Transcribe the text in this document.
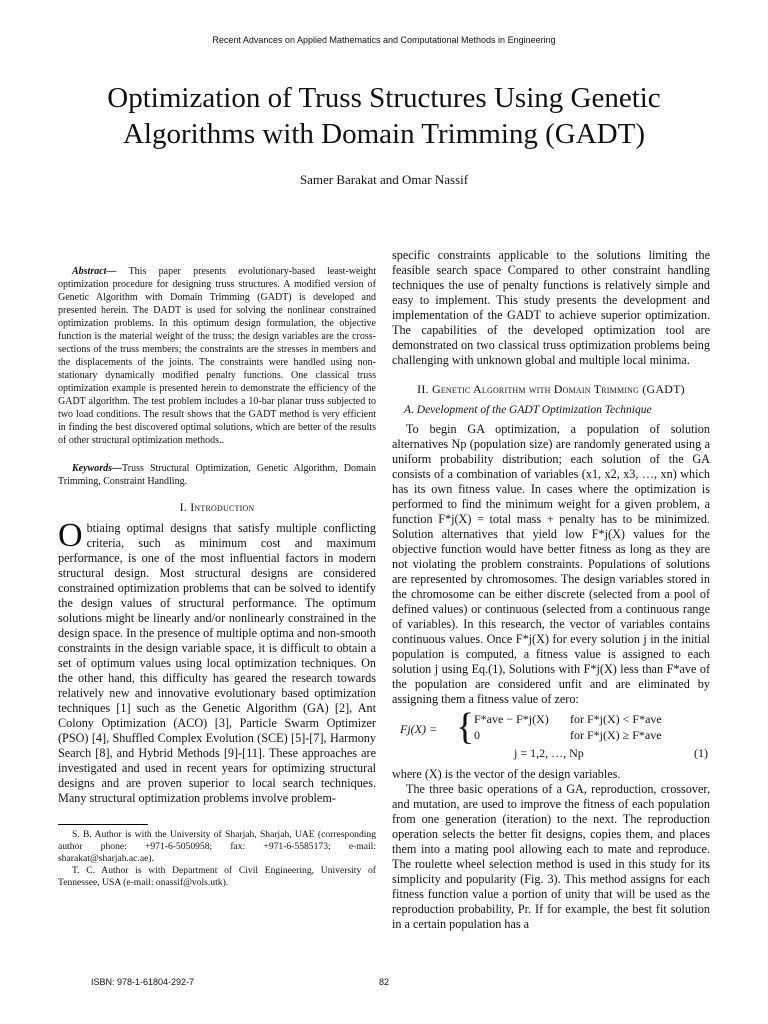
Recent Advances on Applied Mathematics and Computational Methods in Engineering
Optimization of Truss Structures Using Genetic Algorithms with Domain Trimming (GADT)
Samer Barakat and Omar Nassif

Abstract— This paper presents evolutionary-based least-weight optimization procedure for designing truss structures. A modified version of Genetic Algorithm with Domain Trimming (GADT) is developed and presented herein. The DADT is used for solving the nonlinear constrained optimization problems. In this optimum design formulation, the objective function is the material weight of the truss; the design variables are the cross-sections of the truss members; the constraints are the stresses in members and the displacements of the joints. The constraints were handled using non-stationary dynamically modified penalty functions. One classical truss optimization example is presented herein to demonstrate the efficiency of the GADT algorithm. The test problem includes a 10-bar planar truss subjected to two load conditions. The result shows that the GADT method is very efficient in finding the best discovered optimal solutions, which are better of the results of other structural optimization methods..

Keywords—Truss Structural Optimization, Genetic Algorithm, Domain Trimming, Constraint Handling.

I. Introduction

Obtiaing optimal designs that satisfy multiple conflicting criteria, such as minimum cost and maximum performance, is one of the most influential factors in modern structural design. Most structural designs are considered constrained optimization problems that can be solved to identify the design values of structural performance. The optimum solutions might be linearly and/or nonlinearly constrained in the design space. In the presence of multiple optima and non-smooth constraints in the design variable space, it is difficult to obtain a set of optimum values using local optimization techniques. On the other hand, this difficulty has geared the research towards relatively new and innovative evolutionary based optimization techniques [1] such as the Genetic Algorithm (GA) [2], Ant Colony Optimization (ACO) [3], Particle Swarm Optimizer (PSO) [4], Shuffled Complex Evolution (SCE) [5]-[7], Harmony Search [8], and Hybrid Methods [9]-[11]. These approaches are investigated and used in recent years for optimizing structural designs and are proven superior to local search techniques. Many structural optimization problems involve problem-

S. B. Author is with the University of Sharjah, Sharjah, UAE (corresponding author phone: +971-6-5050958; fax: +971-6-5585173; e-mail: sbarakat@sharjah.ac.ae).

T. C. Author is with Department of Civil Engineering, University of Tennessee, USA (e-mail: onassif@vols.utk).

specific constraints applicable to the solutions limiting the feasible search space Compared to other constraint handling techniques the use of penalty functions is relatively simple and easy to implement. This study presents the development and implementation of the GADT to achieve superior optimization. The capabilities of the developed optimization tool are demonstrated on two classical truss optimization problems being challenging with unknown global and multiple local minima.

II. Genetic Algorithm with Domain Trimming (GADT)
A. Development of the GADT Optimization Technique

To begin GA optimization, a population of solution alternatives Np (population size) are randomly generated using a uniform probability distribution; each solution of the GA consists of a combination of variables (x1, x2, x3, …, xn) which has its own fitness value. In cases where the optimization is performed to find the minimum weight for a given problem, a function F*j(X) = total mass + penalty has to be minimized. Solution alternatives that yield low F*j(X) values for the objective function would have better fitness as long as they are not violating the problem constraints. Populations of solutions are represented by chromosomes. The design variables stored in the chromosome can be either discrete (selected from a pool of defined values) or continuous (selected from a continuous range of variables). In this research, the vector of variables contains continuous values. Once F*j(X) for every solution j in the initial population is computed, a fitness value is assigned to each solution j using Eq.(1), Solutions with F*j(X) less than F*ave of the population are considered unfit and are eliminated by assigning them a fitness value of zero:

Fj(X) = { F*ave − F*j(X) for F*j(X) < F*ave
0	for F*j(X) ≥ F*ave
j = 1,2, …, Np	(1)

where (X) is the vector of the design variables.

The three basic operations of a GA, reproduction, crossover, and mutation, are used to improve the fitness of each population from one generation (iteration) to the next. The reproduction operation selects the better fit designs, copies them, and places them into a mating pool allowing each to mate and reproduce. The roulette wheel selection method is used in this study for its simplicity and popularity (Fig. 3). This method assigns for each fitness function value a portion of unity that will be used as the reproduction probability, Pr. If for example, the best fit solution in a certain population has a

ISBN: 978-1-61804-292-7	82
